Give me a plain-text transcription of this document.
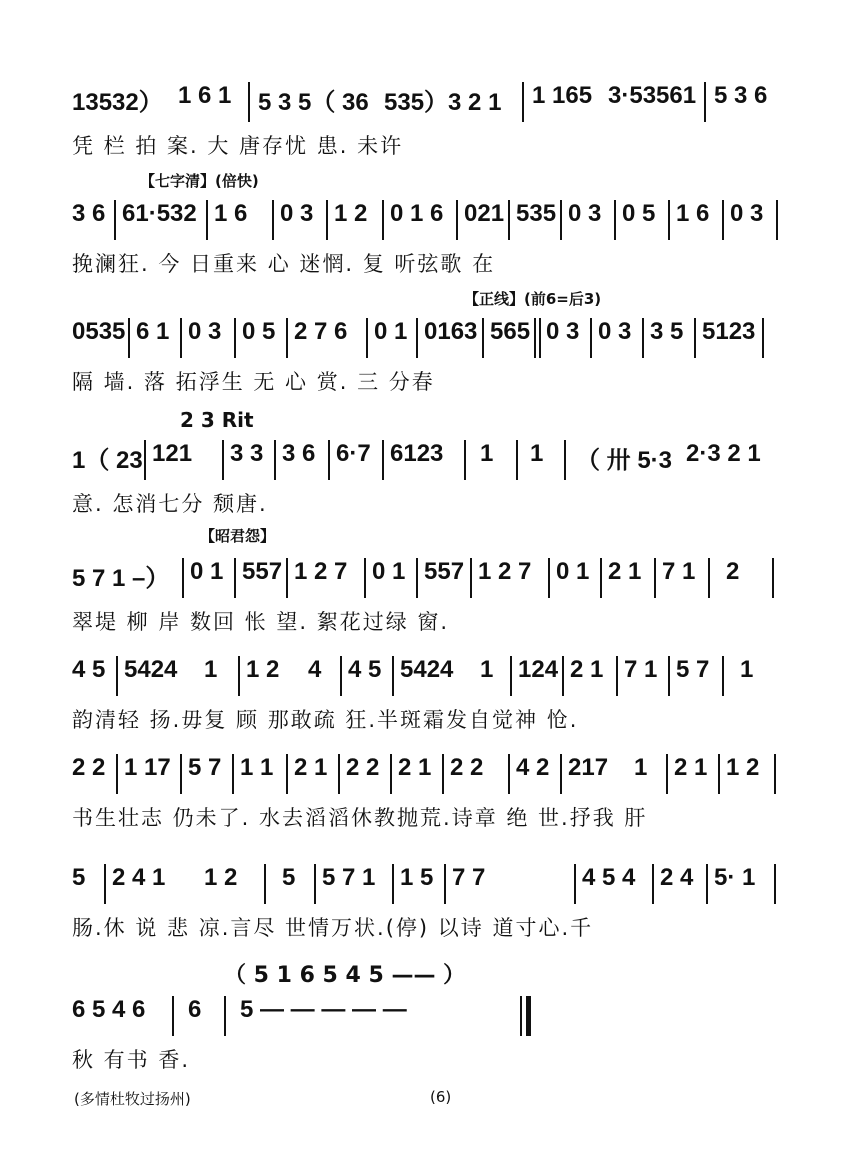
13532） 1 6 1 5 3 5（ 36 535）3 2 1 1 165 3·53561 5 3 6
凭 栏 拍 案. 大 唐存忧 患. 未许
【七字清】(倍快)
3 6 61·532 1 6 0 3 1 2 0 1 6 021 535 0 3 0 5 1 6 0 3
挽澜狂. 今 日重来 心 迷惘. 复 听弦歌 在
【正线】(前6=后3)
0535 6 1 0 3 0 5 2 7 6 0 1 0163 565 0 3 0 3 3 5 5123
隔 墙. 落 拓浮生 无 心 赏. 三 分春
2 3 Rit
1（ 23 121 3 3 3 6 6·7 6123 1 1 （ 卅 5·3 2·3 2 1
意. 怎消七分 颓唐.
【昭君怨】
5 7 1 –） 0 1 557 1 2 7 0 1 557 1 2 7 0 1 2 1 7 1 2
翠堤 柳 岸 数回 怅 望. 絮花过绿 窗.
4 5 5424 1 1 2 4 4 5 5424 1 124 2 1 7 1 5 7 1
韵清轻 扬.毋复 顾 那敢疏 狂.半斑霜发自觉神 怆.
2 2 1 17 5 7 1 1 2 1 2 2 2 1 2 2 4 2 217 1 2 1 1 2
书生壮志 仍未了. 水去滔滔休教抛荒.诗章 绝 世.抒我 肝
5 2 4 1 1 2 5 5 7 1 1 5 7 7	4 5 4 2 4 5· 1
肠.休 说 悲 凉.言尽 世情万状.(停) 以诗 道寸心.千
（ 5 1 6 5 4 5 —— ）
6 5 4 6 6 5 — — — — —
秋 有书 香.
(多情杜牧过扬州)	(6)
